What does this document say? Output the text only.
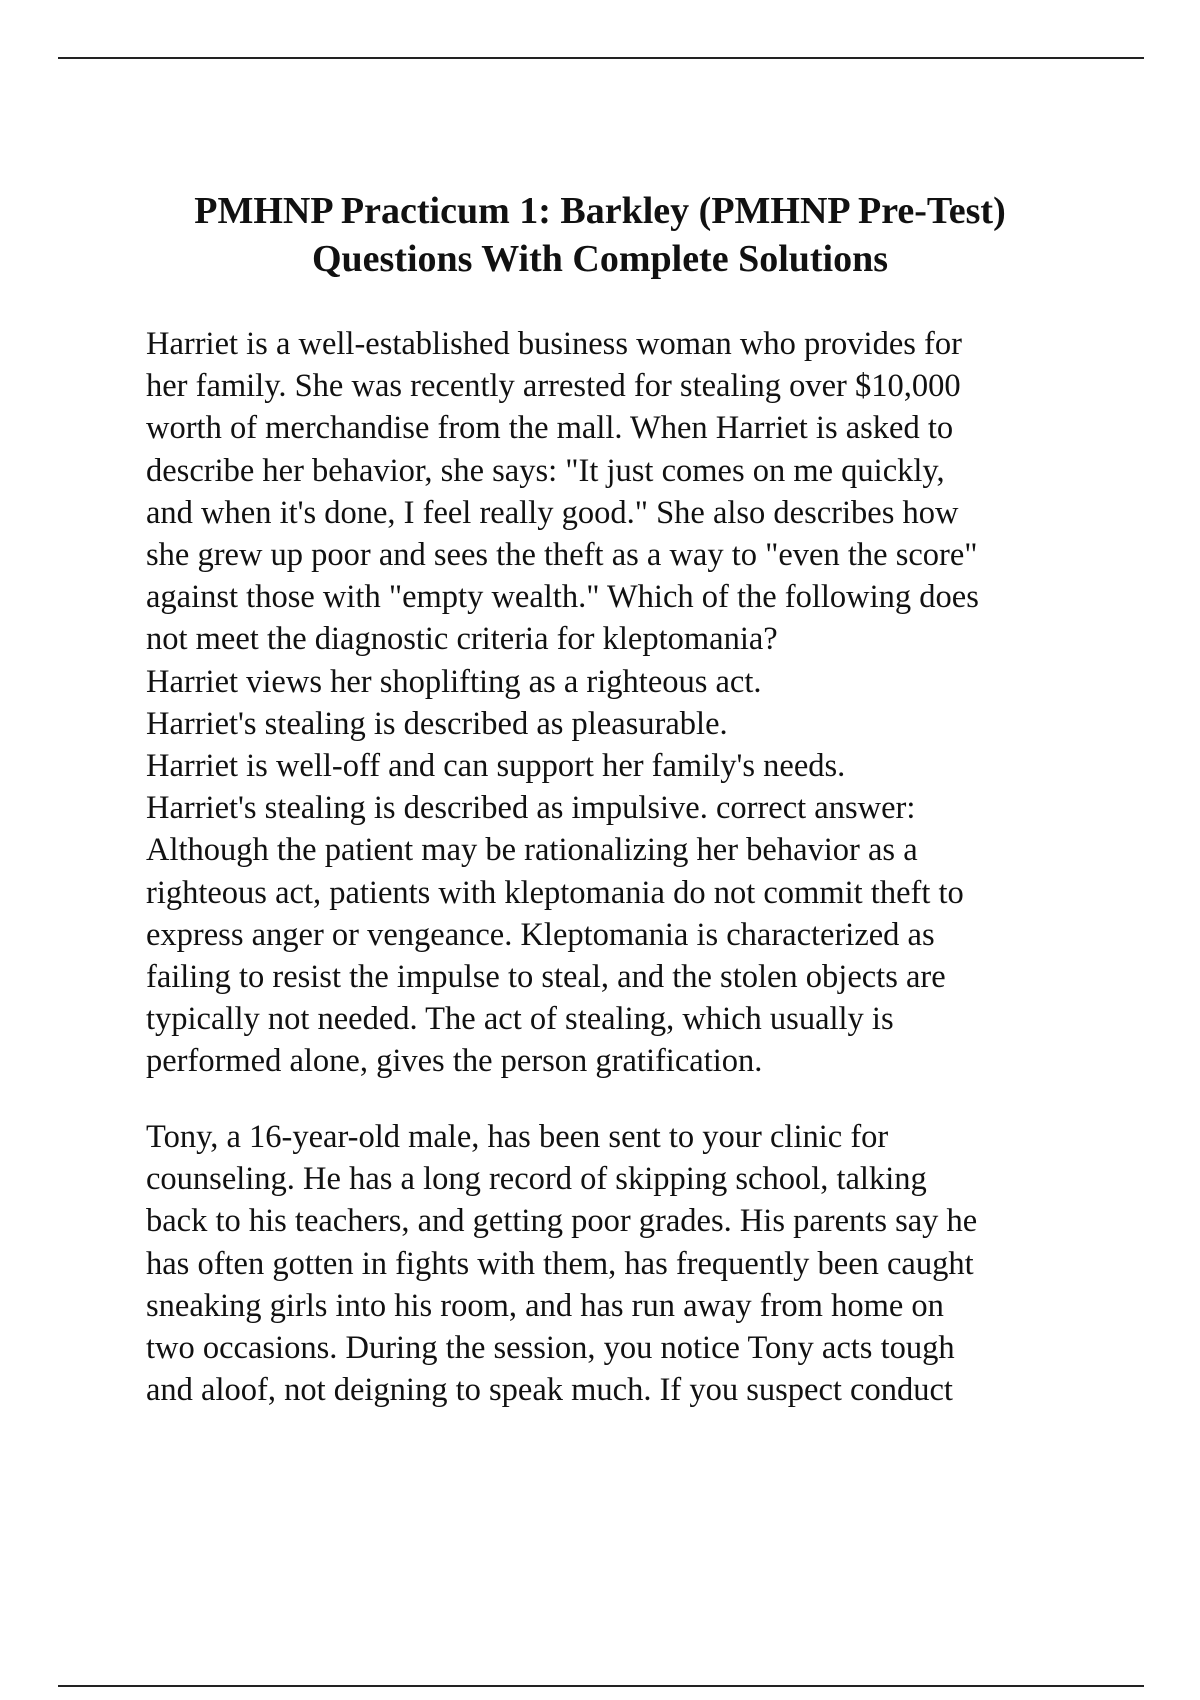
PMHNP Practicum 1: Barkley (PMHNP Pre-Test)
Questions With Complete Solutions
Harriet is a well-established business woman who provides for
her family. She was recently arrested for stealing over $10,000
worth of merchandise from the mall. When Harriet is asked to
describe her behavior, she says: "It just comes on me quickly,
and when it's done, I feel really good." She also describes how
she grew up poor and sees the theft as a way to "even the score"
against those with "empty wealth." Which of the following does
not meet the diagnostic criteria for kleptomania?
Harriet views her shoplifting as a righteous act.
Harriet's stealing is described as pleasurable.
Harriet is well-off and can support her family's needs.
Harriet's stealing is described as impulsive. correct answer:
Although the patient may be rationalizing her behavior as a
righteous act, patients with kleptomania do not commit theft to
express anger or vengeance. Kleptomania is characterized as
failing to resist the impulse to steal, and the stolen objects are
typically not needed. The act of stealing, which usually is
performed alone, gives the person gratification.
Tony, a 16-year-old male, has been sent to your clinic for
counseling. He has a long record of skipping school, talking
back to his teachers, and getting poor grades. His parents say he
has often gotten in fights with them, has frequently been caught
sneaking girls into his room, and has run away from home on
two occasions. During the session, you notice Tony acts tough
and aloof, not deigning to speak much. If you suspect conduct
